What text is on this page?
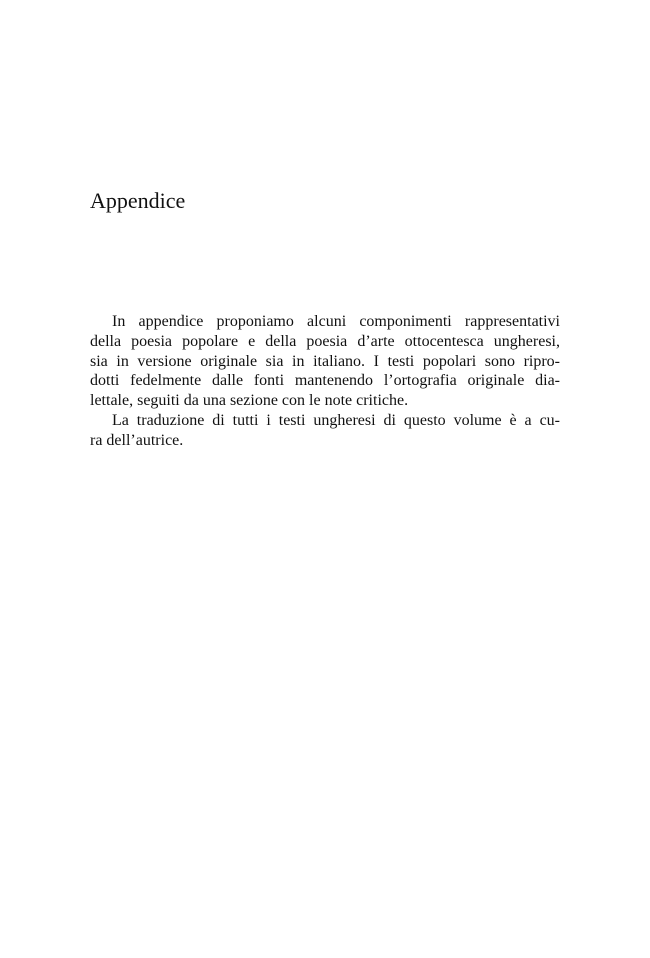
Appendice
In appendice proponiamo alcuni componimenti rappresentativi
della poesia popolare e della poesia d’arte ottocentesca ungheresi,
sia in versione originale sia in italiano. I testi popolari sono ripro-
dotti fedelmente dalle fonti mantenendo l’ortografia originale dia-
lettale, seguiti da una sezione con le note critiche.
La traduzione di tutti i testi ungheresi di questo volume è a cu-
ra dell’autrice.
